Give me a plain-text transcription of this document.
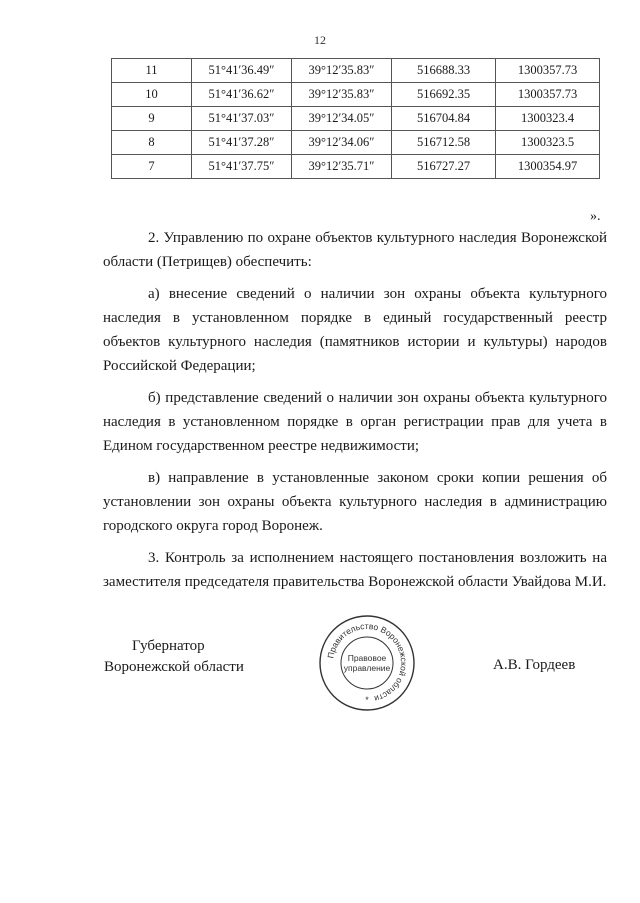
12
11	51°41′36.49″	39°12′35.83″	516688.33	1300357.73
10	51°41′36.62″	39°12′35.83″	516692.35	1300357.73
9	51°41′37.03″	39°12′34.05″	516704.84	1300323.4
8	51°41′37.28″	39°12′34.06″	516712.58	1300323.5
7	51°41′37.75″	39°12′35.71″	516727.27	1300354.97
».

2. Управлению по охране объектов культурного наследия Воронежской области (Петрищев) обеспечить:

а) внесение сведений о наличии зон охраны объекта культурного наследия в установленном порядке в единый государственный реестр объектов культурного наследия (памятников истории и культуры) народов Российской Федерации;

б) представление сведений о наличии зон охраны объекта культурного наследия в установленном порядке в орган регистрации прав для учета в Едином государственном реестре недвижимости;

в) направление в установленные законом сроки копии решения об установлении зон охраны объекта культурного наследия в администрацию городского округа город Воронеж.

3. Контроль за исполнением настоящего постановления возложить на заместителя председателя правительства Воронежской области Увайдова М.И.

Губернатор
Воронежской области
Правительство Воронежской области
Правовое
управление
*
А.В. Гордеев
